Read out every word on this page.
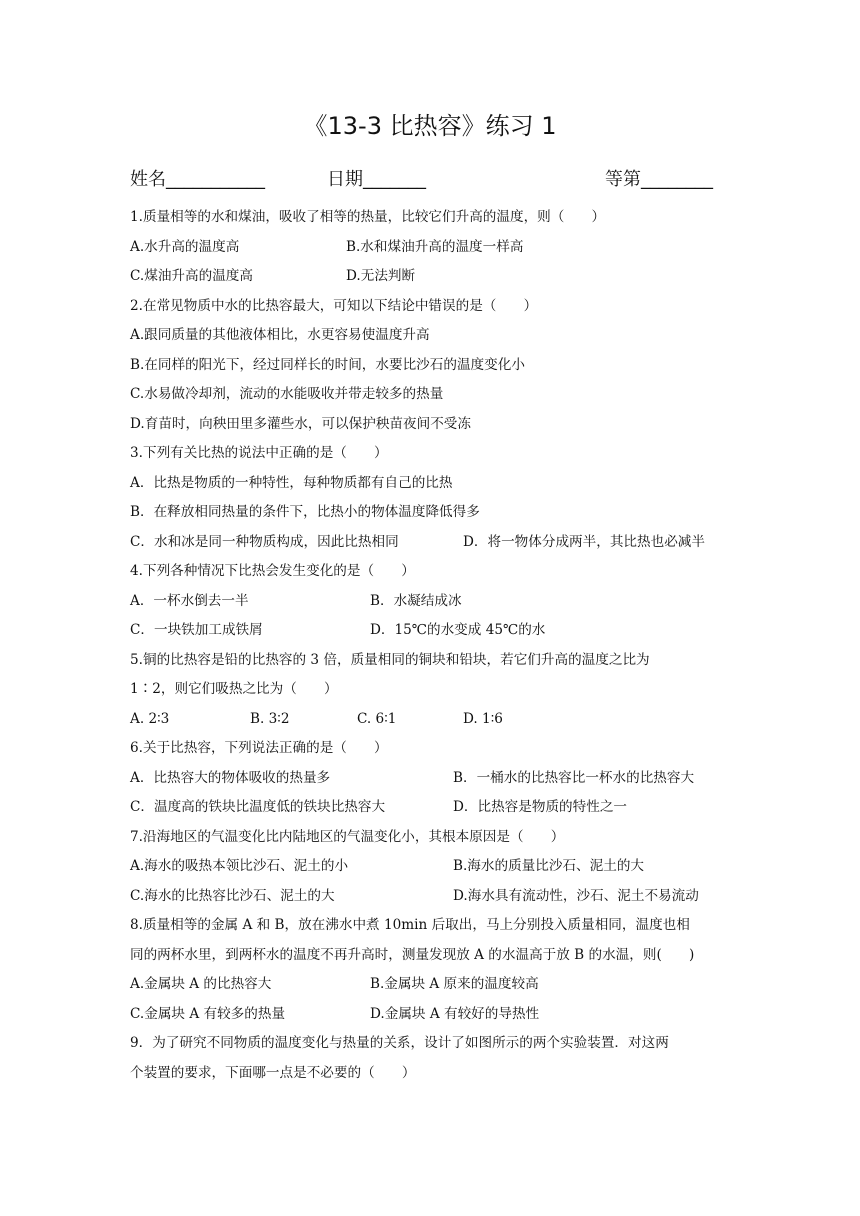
《13-3 比热容》练习 1
姓名___________	日期_______	等第________
1.质量相等的水和煤油，吸收了相等的热量，比较它们升高的温度，则（　　）
A.水升高的温度高	B.水和煤油升高的温度一样高
C.煤油升高的温度高	D.无法判断
2.在常见物质中水的比热容最大，可知以下结论中错误的是（　　）
A.跟同质量的其他液体相比，水更容易使温度升高
B.在同样的阳光下，经过同样长的时间，水要比沙石的温度变化小
C.水易做冷却剂，流动的水能吸收并带走较多的热量
D.育苗时，向秧田里多灌些水，可以保护秧苗夜间不受冻
3.下列有关比热的说法中正确的是（　　）
A．比热是物质的一种特性，每种物质都有自己的比热
B．在释放相同热量的条件下，比热小的物体温度降低得多
C．水和冰是同一种物质构成，因此比热相同	D．将一物体分成两半，其比热也必减半
4.下列各种情况下比热会发生变化的是（　　）
A．一杯水倒去一半	B．水凝结成冰
C．一块铁加工成铁屑	D．15℃的水变成 45℃的水
5.铜的比热容是铅的比热容的 3 倍，质量相同的铜块和铅块，若它们升高的温度之比为
1∶2，则它们吸热之比为（　　）
A. 2∶3	B. 3∶2	C. 6∶1	D. 1∶6
6.关于比热容，下列说法正确的是（　　）
A．比热容大的物体吸收的热量多	B．一桶水的比热容比一杯水的比热容大
C．温度高的铁块比温度低的铁块比热容大	D．比热容是物质的特性之一
7.沿海地区的气温变化比内陆地区的气温变化小，其根本原因是（　　）
A.海水的吸热本领比沙石、泥土的小	B.海水的质量比沙石、泥土的大
C.海水的比热容比沙石、泥土的大	D.海水具有流动性，沙石、泥土不易流动
8.质量相等的金属 A 和 B，放在沸水中煮 10min 后取出，马上分别投入质量相同，温度也相
同的两杯水里，到两杯水的温度不再升高时，测量发现放 A 的水温高于放 B 的水温，则(　　)
A.金属块 A 的比热容大	B.金属块 A 原来的温度较高
C.金属块 A 有较多的热量	D.金属块 A 有较好的导热性
9．为了研究不同物质的温度变化与热量的关系，设计了如图所示的两个实验装置．对这两
个装置的要求，下面哪一点是不必要的（　　）
